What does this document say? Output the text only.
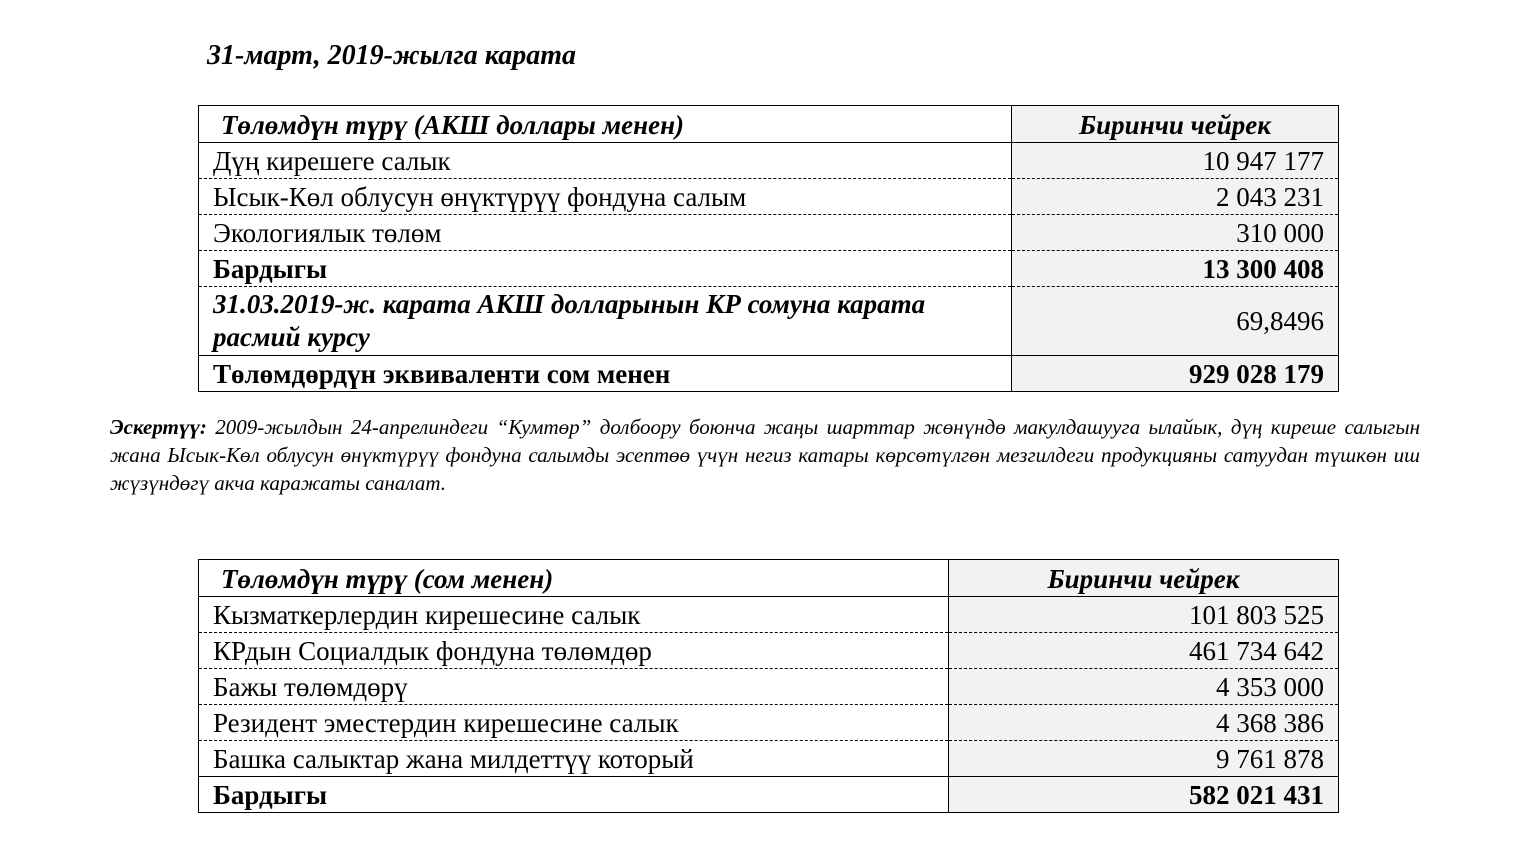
31-март, 2019-жылга карата
Төлөмдүн түрү (АКШ доллары менен)	Биринчи чейрек
Дүң кирешеге салык	10 947 177
Ысык-Көл облусун өнүктүрүү фондуна салым	2 043 231
Экологиялык төлөм	310 000
Бардыгы	13 300 408
31.03.2019-ж. карата АКШ долларынын КР сомуна карата расмий курсу	69,8496
Төлөмдөрдүн эквиваленти сом менен	929 028 179
Эскертүү: 2009-жылдын 24-апрелиндеги “Кумтөр” долбоору боюнча жаңы шарттар жөнүндө макулдашууга ылайык, дүң киреше салыгын жана Ысык-Көл облусун өнүктүрүү фондуна салымды эсептөө үчүн негиз катары көрсөтүлгөн мезгилдеги продукцияны сатуудан түшкөн иш жүзүндөгү акча каражаты саналат.
Төлөмдүн түрү (сом менен)	Биринчи чейрек
Кызматкерлердин кирешесине салык	101 803 525
КРдын Социалдык фондуна төлөмдөр	461 734 642
Бажы төлөмдөрү	4 353 000
Резидент эместердин кирешесине салык	4 368 386
Башка салыктар жана милдеттүү который	9 761 878
Бардыгы	582 021 431
